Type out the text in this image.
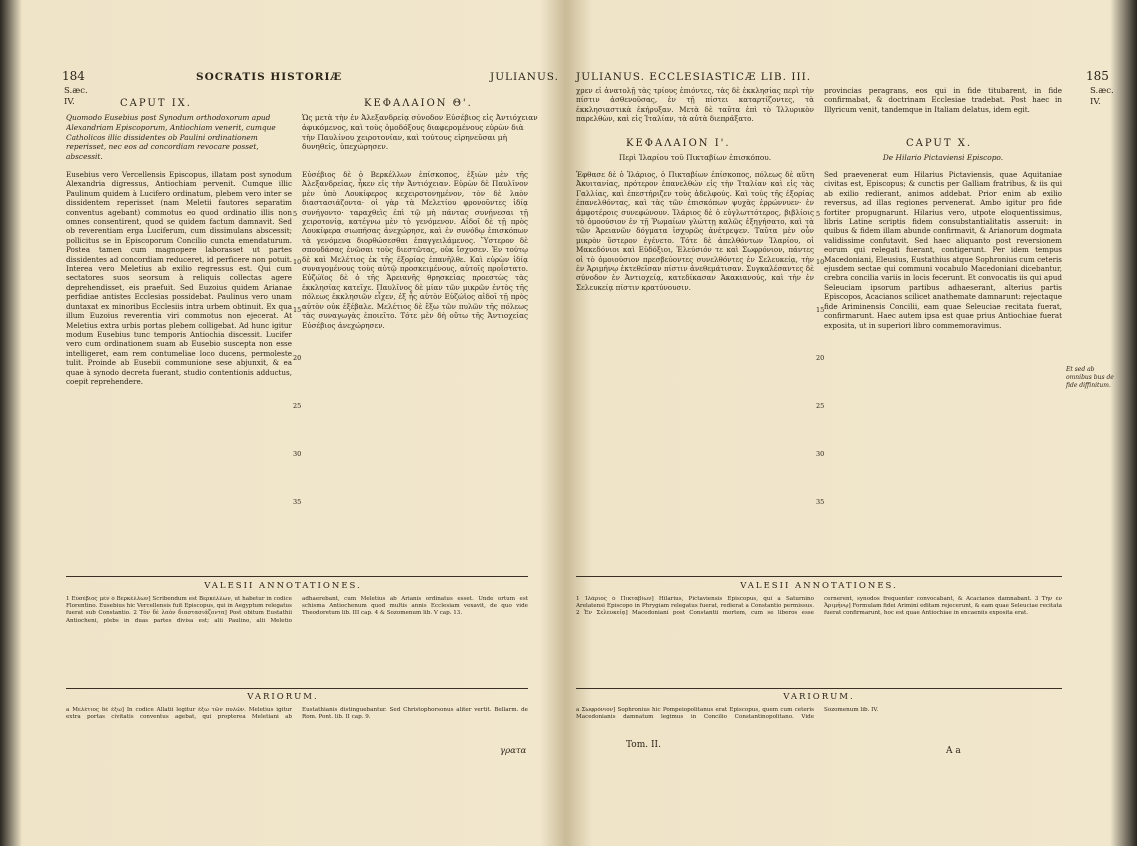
184	SOCRATIS HISTORIÆ	JULIANUS.
S.æc.
IV.	CAPUT IX.	ΚΕΦΑΛΑΙΟΝ Θ'.
Quomodo Eusebius post Synodum orthodoxorum apud Alexandriam Episcoporum, Antiochiam venerit, cumque Catholicos illic dissidentes ob Paulini ordinationem reperisset, nec eos ad concordiam revocare posset, abscessit.
Ὡς μετὰ τὴν ἐν Ἀλεξανδρείᾳ σύνοδον Εὐσέβιος εἰς Ἀντιόχειαν ἀφικόμενος, καὶ τοὺς ὁμοδόξους διαφερομένους εὑρὼν διὰ τὴν Παυλίνου χειροτονίαν, καὶ τούτους εἰρηνεῦσαι μὴ δυνηθείς, ὑπεχώρησεν.
Eusebius vero Vercellensis Episcopus, illatam post synodum Alexandria digressus, Antiochiam pervenit. Cumque illic Paulinum quidem à Lucifero ordinatum, plebem vero inter se dissidentem reperisset (nam Meletii fautores separatim conventus agebant) commotus eo quod ordinatio illis non omnes consentirent, quod se quidem factum damnavit. Sed ob reverentiam erga Luciferum, cum dissimulans abscessit; pollicitus se in Episcoporum Concilio cuncta emendaturum. Postea tamen cum magnopere laborasset ut partes dissidentes ad concordiam reduceret, id perficere non potuit. Interea vero Meletius ab exilio regressus est. Qui cum sectatores suos seorsum à reliquis collectas agere deprehendisset, eis praefuit. Sed Euzoius quidem Arianae perfidiae antistes Ecclesias possidebat. Paulinus vero unam duntaxat ex minoribus Ecclesiis intra urbem obtinuit. Ex qua illum Euzoius reverentia viri commotus non ejecerat. At Meletius extra urbis portas plebem colligebat. Ad hunc igitur modum Eusebius tunc temporis Antiochia discessit. Lucifer vero cum ordinationem suam ab Eusebio suscepta non esse intelligeret, eam rem contumeliae loco ducens, permoleste tulit. Proinde ab Eusebii communione sese abjunxit, & ea quae à synodo decreta fuerant, studio contentionis adductus, coepit reprehendere.
Εὐσέβιος δὲ ὁ Βερκέλλων ἐπίσκοπος, ἐξιὼν μὲν τῆς Ἀλεξανδρείας, ἧκεν εἰς τὴν Ἀντιόχειαν. Εὑρὼν δὲ Παυλῖνον μὲν ὑπὸ Λουκίφερος κεχειροτονημένον, τὸν δὲ λαὸν διαστασιάζοντα· οἱ γὰρ τὰ Μελετίου φρονοῦντες ἰδίᾳ συνήγοντο· ταραχθεὶς ἐπὶ τῷ μὴ πάντας συνῄνεσαι τῇ χειροτονίᾳ, κατέγνω μὲν τὸ γενόμενον. Αἰδοῖ δὲ τῇ πρὸς Λουκίφερα σιωπήσας ἀνεχώρησε, καὶ ἐν συνόδῳ ἐπισκόπων τὰ γενόμενα διορθώσεσθαι ἐπαγγειλάμενος. Ὕστερον δὲ σπουδάσας ἑνῶσαι τοὺς διεστῶτας, οὐκ ἴσχυσεν. Ἐν τούτῳ δὲ καὶ Μελέτιος ἐκ τῆς ἐξορίας ἐπανῆλθε. Καὶ εὑρὼν ἰδίᾳ συναγομένους τοὺς αὐτῷ προσκειμένους, αὐτοῖς προΐστατο. Εὐζώϊος δὲ ὁ τῆς Ἀρειανῆς θρησκείας προεστὼς τὰς ἐκκλησίας κατεῖχε. Παυλῖνος δὲ μίαν τῶν μικρῶν ἐντὸς τῆς πόλεως ἐκκλησιῶν εἶχεν, ἐξ ἧς αὐτὸν Εὐζώϊος αἰδοῖ τῇ πρὸς αὐτὸν οὐκ ἐξέβαλε. Μελέτιος δὲ ἔξω τῶν πυλῶν τῆς πόλεως τὰς συναγωγὰς ἐποιεῖτο. Τότε μὲν δὴ οὕτω τῆς Ἀντιοχείας Εὐσέβιος ἀνεχώρησεν.
5
10
15
20
25
30
35
VALESII ANNOTATIONES.
1 Εὐσέβιος μὲν ὁ Βερκέλλων] Scribendum est Βερκέλλων, ut habetur in codice Florentino. Eusebius hic Vercellensis fuit Episcopus, qui in Aegyptum relegatus fuerat sub Constantio. 2 Τὸν δὲ λαὸν διαστασιάζοντα] Post obitum Eustathii Antiocheni, plebs in duas partes divisa est; alii Paulino, alii Meletio adhaerebant, cum Meletius ab Arianis ordinatus esset. Unde ortum est schisma Antiochenum quod multis annis Ecclesiam vexavit, de quo vide Theodoretum lib. III cap. 4 & Sozomenum lib. V cap. 13.
VARIORUM.
a Μελέτιος δὲ ἔξω] In codice Allatii legitur ἔξω τῶν πυλῶν. Meletius igitur extra portas civitatis conventus agebat, qui propterea Meletiani ab Eustathianis distinguebantur. Sed Christophorsonus aliter vertit. Bellarm. de Rom. Pont. lib. II cap. 9.
γρατα
JULIANUS. ECCLESIASTICÆ LIB. III.	185
S.æc.
IV.
χρεν εἰ ἀνατολῇ τὰς τρίους ἐπιόντες, τὰς δὲ ἐκκλησίας περὶ τὴν πίστιν ἀσθενοῦσας, ἐν τῇ πίστει καταρτίζοντες, τὰ ἐκκλησιαστικὰ ἐκήρυξαν. Μετὰ δὲ ταῦτα ἐπὶ τὸ Ἰλλυρικὸν παρελθὼν, καὶ εἰς Ἰταλίαν, τὰ αὐτὰ διεπράξατο.
provincias peragrans, eos qui in fide titubarent, in fide confirmabat, & doctrinam Ecclesiae tradebat. Post haec in Illyricum venit, tandemque in Italiam delatus, idem egit.
ΚΕΦΑΛΑΙΟΝ Ι'.	CAPUT X.
Περὶ Ἱλαρίου τοῦ Πικταβίων ἐπισκόπου.	De Hilario Pictaviensi Episcopo.
Ἐφθασε δὲ ὁ Ἱλάριος, ὁ Πικταβίων ἐπίσκοπος, πόλεως δὲ αὕτη Ἀκυιτανίας, πρότερον ἐπανελθών εἰς τὴν Ἰταλίαν καὶ εἰς τὰς Γαλλίας, καὶ ἐπεστήριζεν τοὺς ἀδελφούς. Καὶ τοὺς τῆς ἐξορίας ἐπανελθόντας, καὶ τὰς τῶν ἐπισκόπων ψυχὰς ἐρρώννυεν· ἐν ἀμφοτέροις συνεφώνουν. Ἱλάριος δὲ ὁ εὐγλωττότερος, βιβλίοις τὸ ὁμοούσιον ἐν τῇ Ῥωμαίων γλώττῃ καλῶς ἐξηγήσατο, καὶ τὰ τῶν Ἀρειανῶν δόγματα ἰσχυρῶς ἀνέτρεψεν. Ταῦτα μὲν οὖν μικρὸν ὕστερον ἐγένετο. Τότε δὲ ἀπελθόντων Ἱλαρίου, οἱ Μακεδόνιοι καὶ Εὐδόξιοι, Ἐλεύσιόν τε καὶ Σωφρόνιον, πάντες οἱ τὸ ὁμοιούσιον πρεσβεύοντες συνελθόντες ἐν Σελευκείᾳ, τὴν ἐν Ἀριμήνῳ ἐκτεθεῖσαν πίστιν ἀνεθεμάτισαν. Συγκαλέσαντες δὲ σύνοδον ἐν Ἀντιοχείᾳ, κατεδίκασαν Ἀκακιανούς, καὶ τὴν ἐν Σελευκείᾳ πίστιν κρατύνουσιν.
Sed praevenerat eum Hilarius Pictaviensis, quae Aquitaniae civitas est, Episcopus; & cunctis per Galliam fratribus, & iis qui ab exilio redierant, animos addebat. Prior enim ab exilio reversus, ad illas regiones pervenerat. Ambo igitur pro fide fortiter propugnarunt. Hilarius vero, utpote eloquentissimus, libris Latine scriptis fidem consubstantialitatis asseruit: in quibus & fidem illam abunde confirmavit, & Arianorum dogmata validissime confutavit. Sed haec aliquanto post reversionem eorum qui relegati fuerant, contigerunt. Per idem tempus Macedoniani, Eleusius, Eustathius atque Sophronius cum ceteris ejusdem sectae qui communi vocabulo Macedoniani dicebantur, crebra concilia variis in locis fecerunt. Et convocatis iis qui apud Seleuciam ipsorum partibus adhaeserant, alterius partis Episcopos, Acacianos scilicet anathemate damnarunt: rejectaque fide Ariminensis Concilii, eam quae Seleuciae recitata fuerat, confirmarunt. Haec autem ipsa est quae prius Antiochiae fuerat exposita, ut in superiori libro commemoravimus.
Et sed ab omnibus bus de fide diffinitum.
5
10
15
20
25
30
35
VALESII ANNOTATIONES.
1 Ἱλάριος ὁ Πικταβίων] Hilarius, Pictaviensis Episcopus, qui a Saturnino Arelatensi Episcopo in Phrygiam relegatus fuerat, redierat a Constantio permissus. 2 Ἐν Σελευκείᾳ] Macedoniani post Constantii mortem, cum se liberos esse cernerent, synodos frequenter convocabant, & Acacianos damnabant. 3 Τὴν ἐν Ἀριμήνῳ] Formulam fidei Arimini editam rejecerunt, & eam quae Seleuciae recitata fuerat confirmarunt, hoc est quae Antiochiae in encaeniis exposita erat.
VARIORUM.
a Σωφρόνιον] Sophronius hic Pompeiopolitanus erat Episcopus, quem cum ceteris Macedonianis damnatum legimus in Concilio Constantinopolitano. Vide Sozomenum lib. IV.
Tom. II.
A a
